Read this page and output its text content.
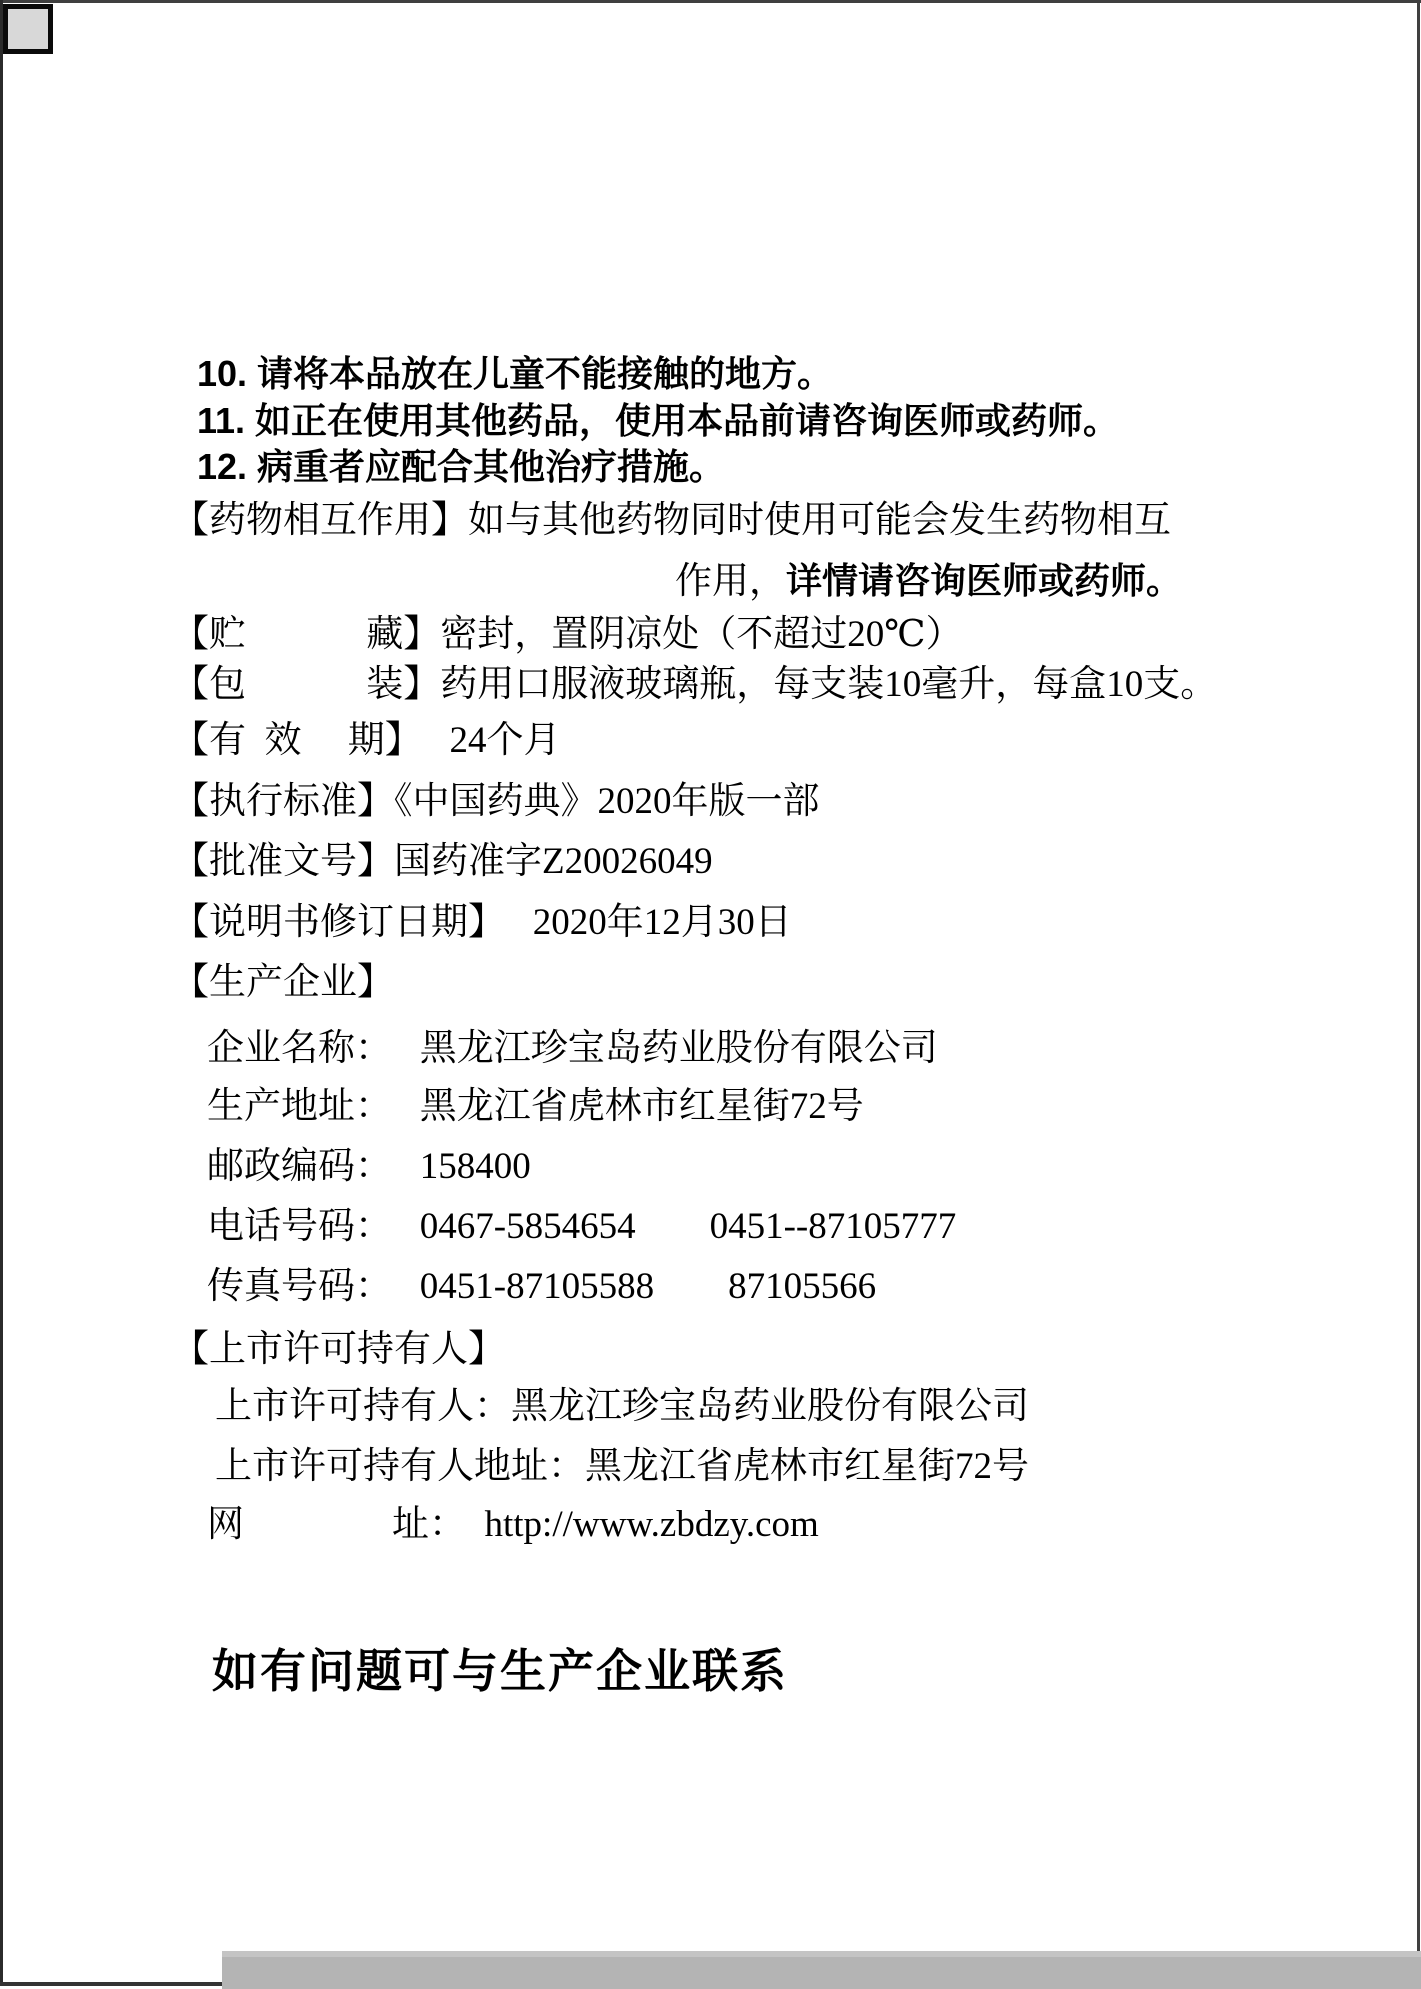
10. 请将本品放在儿童不能接触的地方。
11. 如正在使用其他药品，使用本品前请咨询医师或药师。
12. 病重者应配合其他治疗措施。
【药物相互作用】如与其他药物同时使用可能会发生药物相互
作用，详情请咨询医师或药师。
【贮　　　 藏】密封，置阴凉处（不超过20℃）
【包　　　 装】药用口服液玻璃瓶，每支装10毫升，每盒10支。
【有  效　 期】　 24个月
【执行标准】《中国药典》2020年版一部
【批准文号】国药准字Z20026049
【说明书修订日期】　 2020年12月30日
【生产企业】
企业名称：　 黑龙江珍宝岛药业股份有限公司
生产地址：　 黑龙江省虎林市红星街72号
邮政编码：　 158400
电话号码：　 0467-5854654　　0451--87105777
传真号码：　 0451-87105588　　87105566
【上市许可持有人】
上市许可持有人：黑龙江珍宝岛药业股份有限公司
上市许可持有人地址：黑龙江省虎林市红星街72号
网　　　　址：　http://www.zbdzy.com
如有问题可与生产企业联系
